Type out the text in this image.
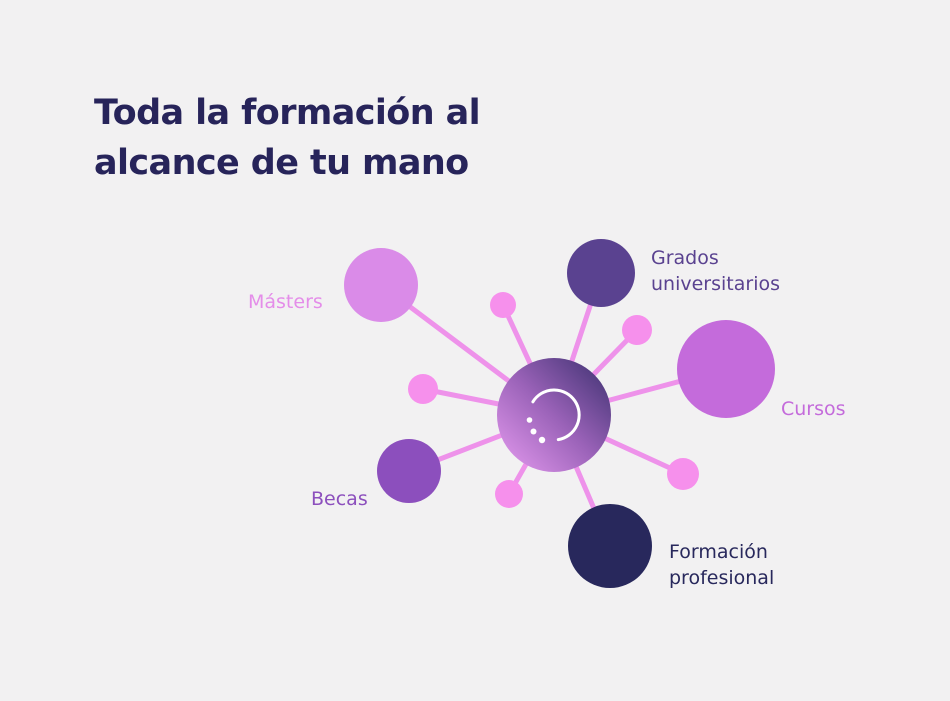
Toda la formación al
alcance de tu mano

Másters

Grados
universitarios

Cursos

Becas

Formación
profesional
